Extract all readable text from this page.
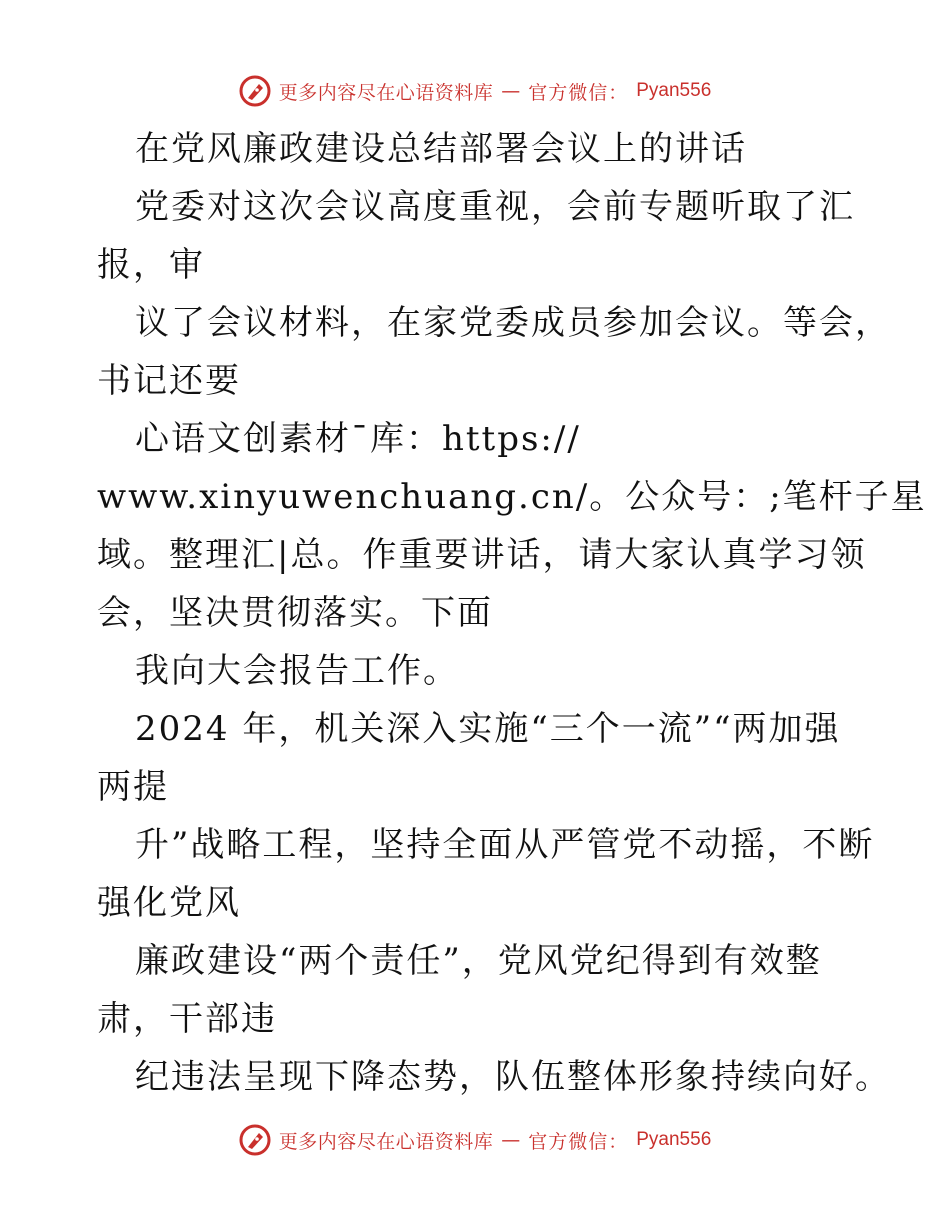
更多内容尽在心语资料库 — 官方微信： Pyan556
在党风廉政建设总结部署会议上的讲话
党委对这次会议高度重视，会前专题听取了汇
报，审
议了会议材料，在家党委成员参加会议。等会，
书记还要
心语文创素材¯库：https://
www.xinyuwenchuang.cn/。公众号：;笔杆子星
域。整理汇|总。作重要讲话，请大家认真学习领
会，坚决贯彻落实。下面
我向大会报告工作。
2024 年，机关深入实施“三个一流”“两加强
两提
升”战略工程，坚持全面从严管党不动摇，不断
强化党风
廉政建设“两个责任”，党风党纪得到有效整
肃，干部违
纪违法呈现下降态势，队伍整体形象持续向好。
更多内容尽在心语资料库 — 官方微信： Pyan556
